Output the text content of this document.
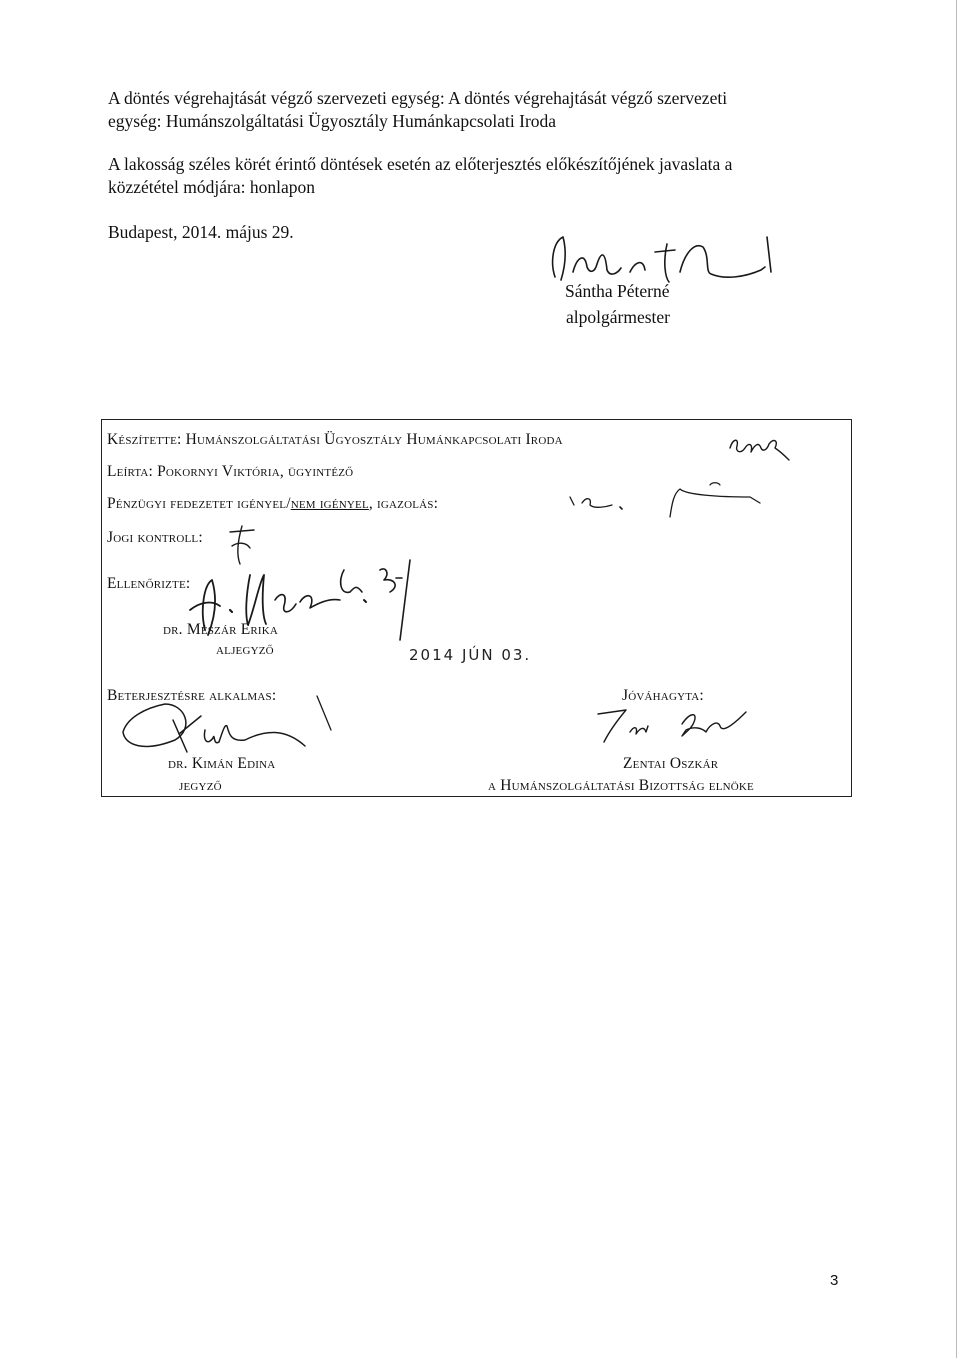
A döntés végrehajtását végző szervezeti egység: A döntés végrehajtását végző szervezeti
egység: Humánszolgáltatási Ügyosztály Humánkapcsolati Iroda
A lakosság széles körét érintő döntések esetén az előterjesztés előkészítőjének javaslata a
közzététel módjára: honlapon
Budapest, 2014. május 29.
Sántha Péterné
alpolgármester
Készítette: Humánszolgáltatási Ügyosztály Humánkapcsolati Iroda
Leírta: Pokornyi Viktória, ügyintéző
Pénzügyi fedezetet igényel/nem igényel, igazolás:
Jogi kontroll:
Ellenőrizte:
dr. Mészár Erika
aljegyző	2014 JÚN 03.
Beterjesztésre alkalmas:
dr. Kimán Edina
jegyző
Jóváhagyta:
Zentai Oszkár
a Humánszolgáltatási Bizottság elnöke
3
